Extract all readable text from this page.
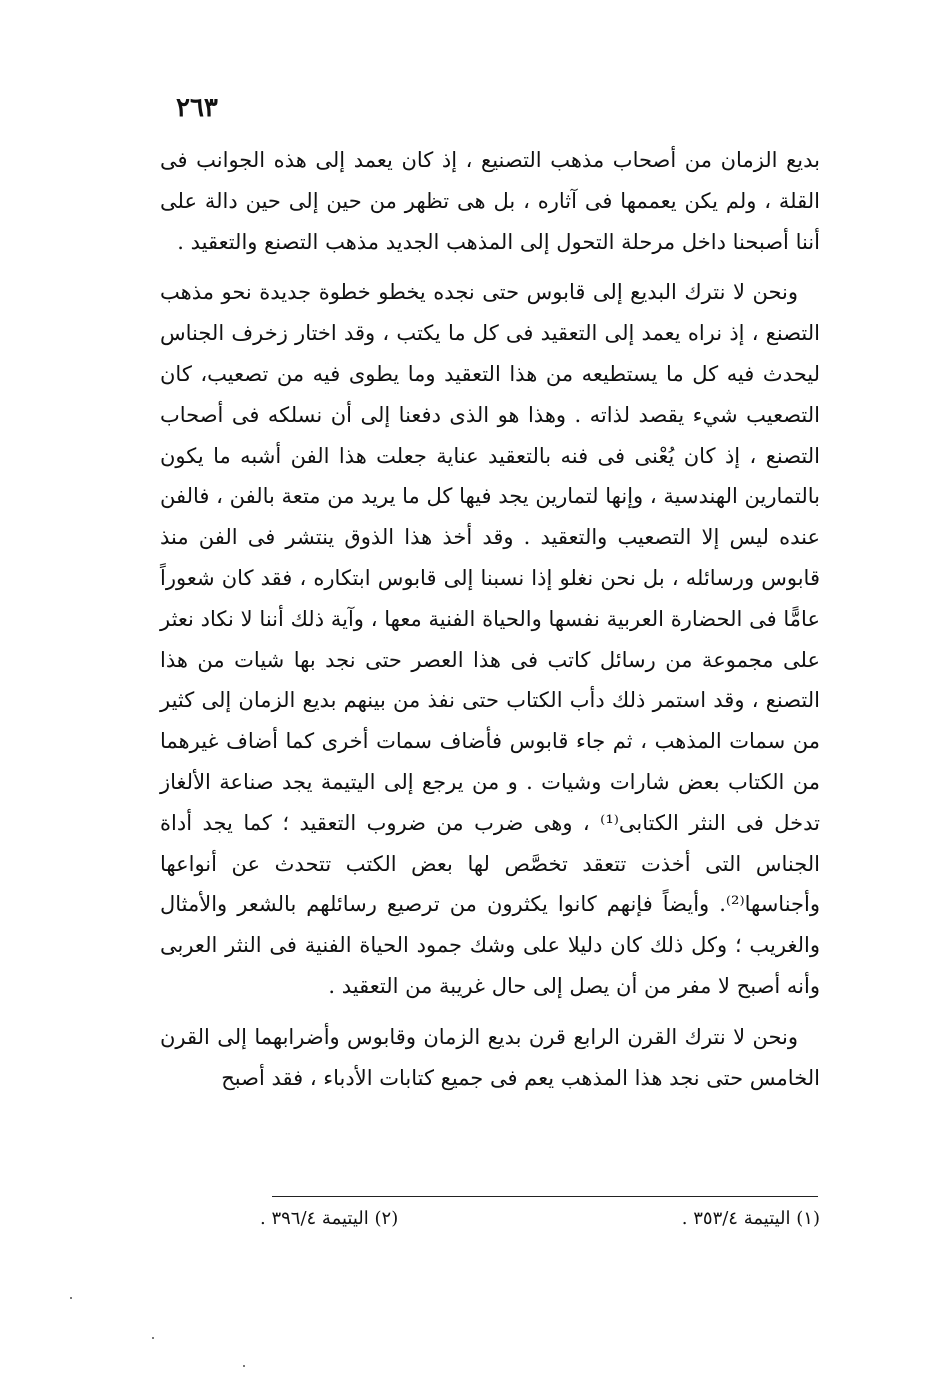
٢٦٣

بديع الزمان من أصحاب مذهب التصنيع ، إذ كان يعمد إلى هذه الجوانب فى القلة ، ولم يكن يعممها فى آثاره ، بل هى تظهر من حين إلى حين دالة على أننا أصبحنا داخل مرحلة التحول إلى المذهب الجديد مذهب التصنع والتعقيد .

ونحن لا نترك البديع إلى قابوس حتى نجده يخطو خطوة جديدة نحو مذهب التصنع ، إذ نراه يعمد إلى التعقيد فى كل ما يكتب ، وقد اختار زخرف الجناس ليحدث فيه كل ما يستطيعه من هذا التعقيد وما يطوى فيه من تصعيب، كان التصعيب شيء يقصد لذاته . وهذا هو الذى دفعنا إلى أن نسلكه فى أصحاب التصنع ، إذ كان يُعْنى فى فنه بالتعقيد عناية جعلت هذا الفن أشبه ما يكون بالتمارين الهندسية ، وإنها لتمارين يجد فيها كل ما يريد من متعة بالفن ، فالفن عنده ليس إلا التصعيب والتعقيد . وقد أخذ هذا الذوق ينتشر فى الفن منذ قابوس ورسائله ، بل نحن نغلو إذا نسبنا إلى قابوس ابتكاره ، فقد كان شعوراً عامًّا فى الحضارة العربية نفسها والحياة الفنية معها ، وآية ذلك أننا لا نكاد نعثر على مجموعة من رسائل كاتب فى هذا العصر حتى نجد بها شيات من هذا التصنع ، وقد استمر ذلك دأب الكتاب حتى نفذ من بينهم بديع الزمان إلى كثير من سمات المذهب ، ثم جاء قابوس فأضاف سمات أخرى كما أضاف غيرهما من الكتاب بعض شارات وشيات . و من يرجع إلى اليتيمة يجد صناعة الألغاز تدخل فى النثر الكتابى⁽¹⁾ ، وهى ضرب من ضروب التعقيد ؛ كما يجد أداة الجناس التى أخذت تتعقد تخصَّص لها بعض الكتب تتحدث عن أنواعها وأجناسها⁽²⁾. وأيضاً فإنهم كانوا يكثرون من ترصيع رسائلهم بالشعر والأمثال والغريب ؛ وكل ذلك كان دليلا على وشك جمود الحياة الفنية فى النثر العربى وأنه أصبح لا مفر من أن يصل إلى حال غريبة من التعقيد .

ونحن لا نترك القرن الرابع قرن بديع الزمان وقابوس وأضرابهما إلى القرن الخامس حتى نجد هذا المذهب يعم فى جميع كتابات الأدباء ، فقد أصبح

(١) اليتيمة ٣٥٣/٤ .
(٢) اليتيمة ٣٩٦/٤ .
